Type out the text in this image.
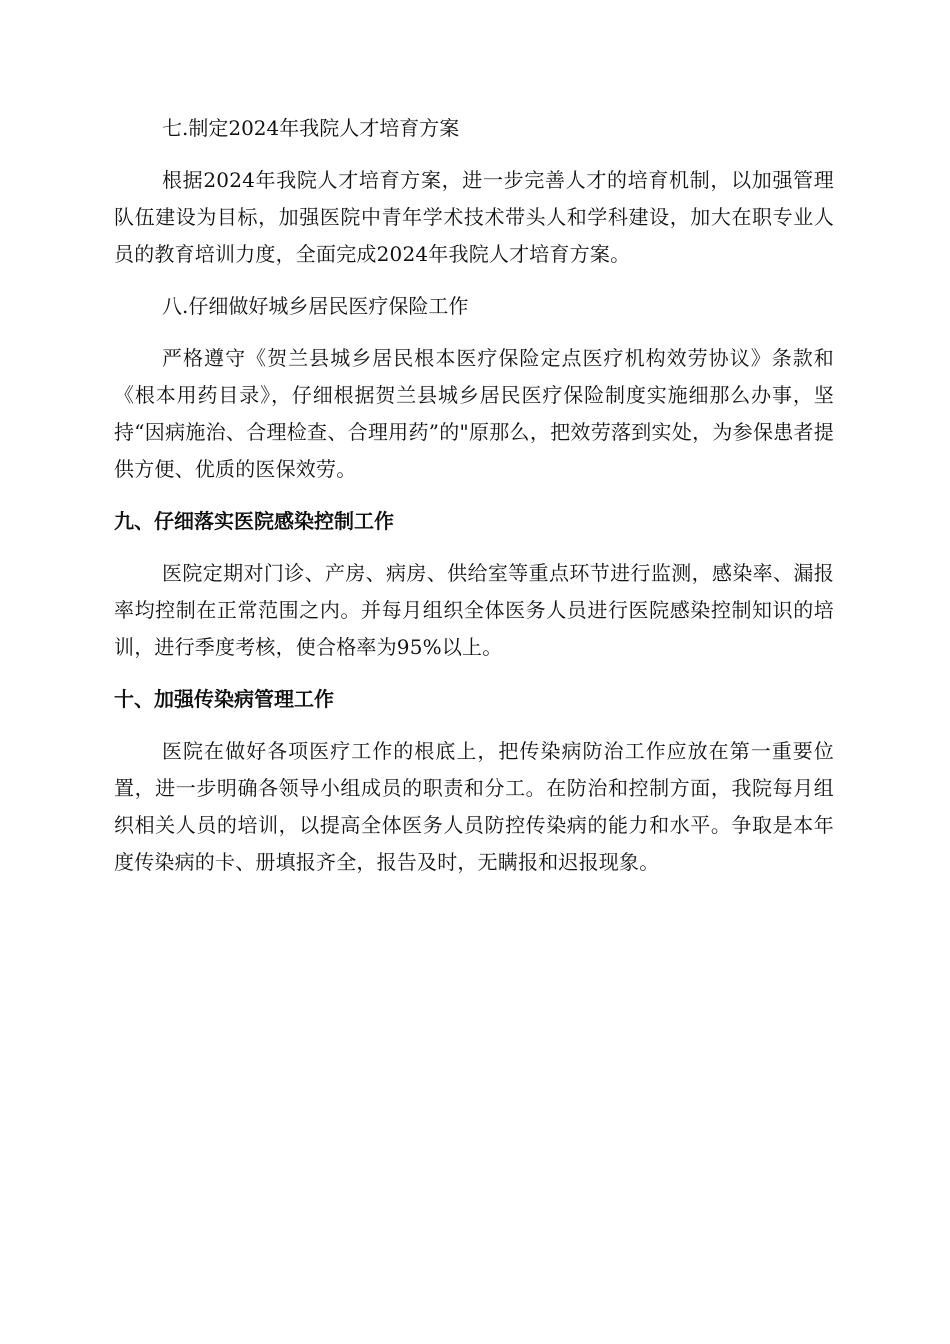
七.制定2024年我院人才培育方案
根据2024年我院人才培育方案，进一步完善人才的培育机制，以加强管理队伍建设为目标，加强医院中青年学术技术带头人和学科建设，加大在职专业人员的教育培训力度，全面完成2024年我院人才培育方案。
八.仔细做好城乡居民医疗保险工作
严格遵守《贺兰县城乡居民根本医疗保险定点医疗机构效劳协议》条款和《根本用药目录》，仔细根据贺兰县城乡居民医疗保险制度实施细那么办事，坚持“因病施治、合理检查、合理用药”的"原那么，把效劳落到实处，为参保患者提供方便、优质的医保效劳。
九、仔细落实医院感染控制工作
医院定期对门诊、产房、病房、供给室等重点环节进行监测，感染率、漏报率均控制在正常范围之内。并每月组织全体医务人员进行医院感染控制知识的培训，进行季度考核，使合格率为95%以上。
十、加强传染病管理工作
医院在做好各项医疗工作的根底上，把传染病防治工作应放在第一重要位置，进一步明确各领导小组成员的职责和分工。在防治和控制方面，我院每月组织相关人员的培训，以提高全体医务人员防控传染病的能力和水平。争取是本年度传染病的卡、册填报齐全，报告及时，无瞒报和迟报现象。
